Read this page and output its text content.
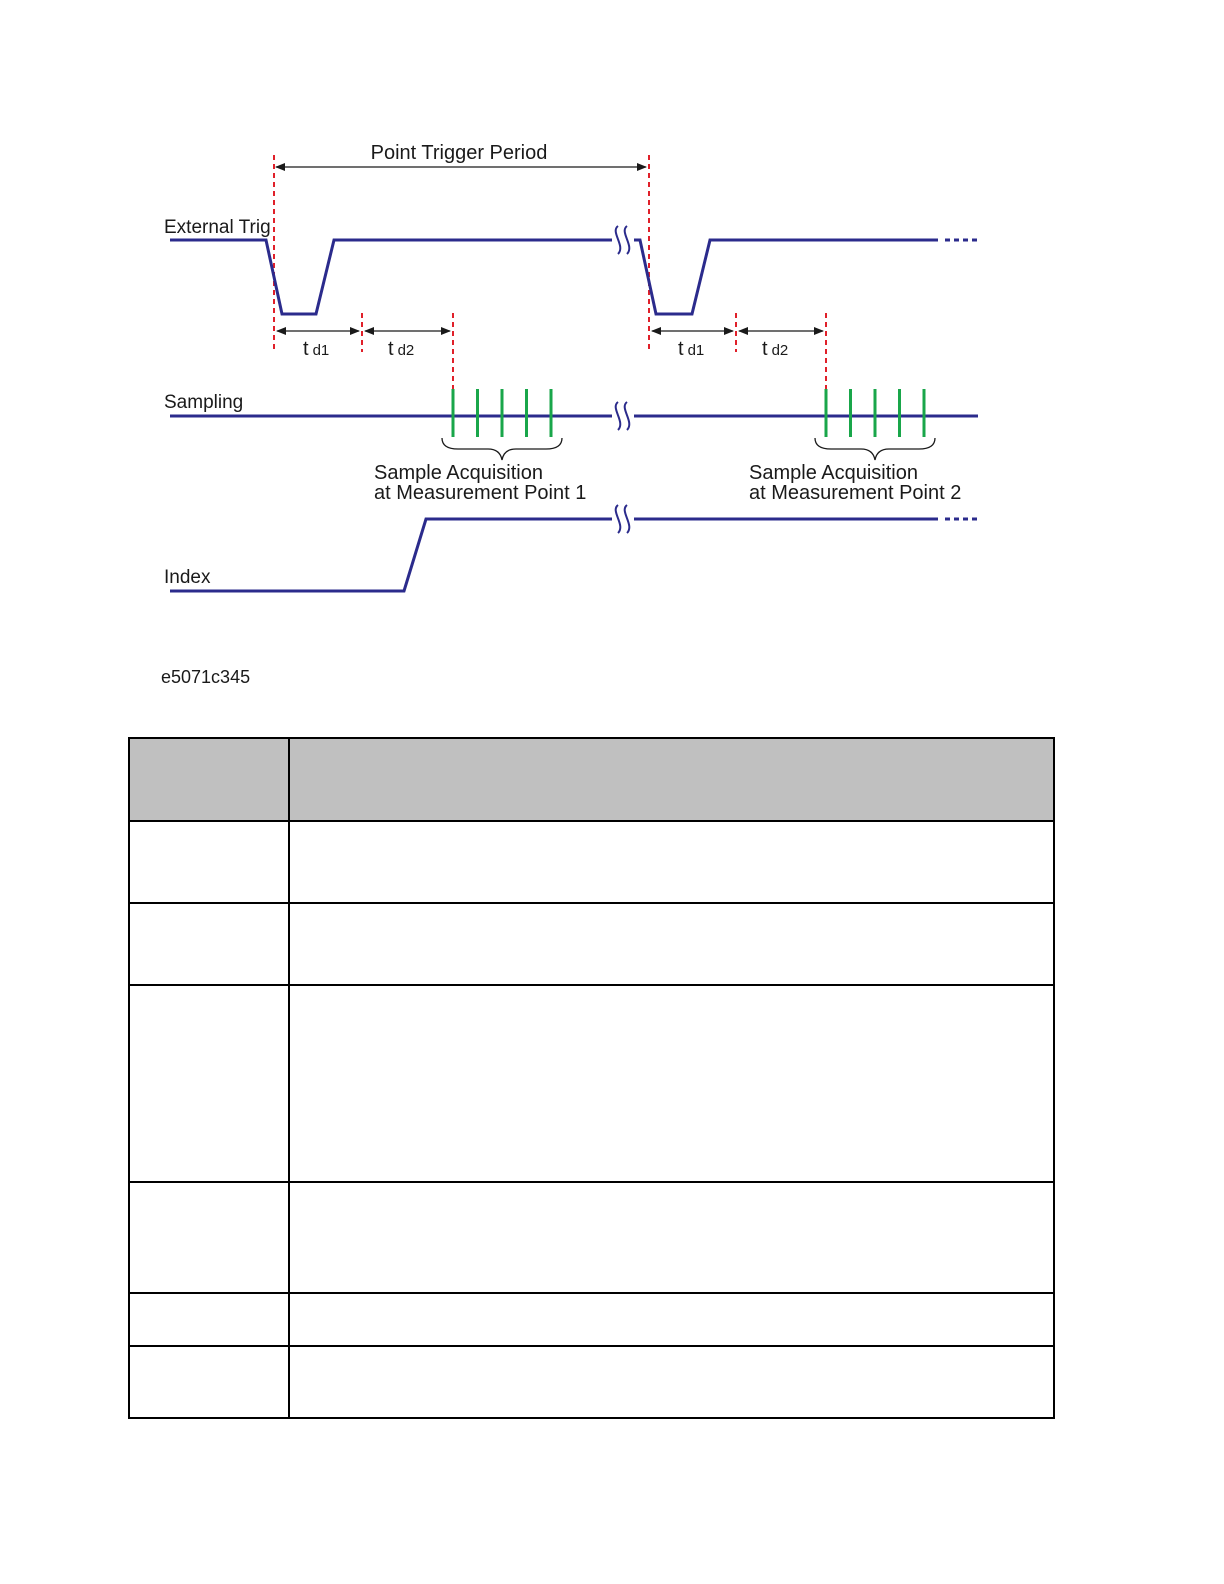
Point Trigger Period
External Trig
t d1	t d2	t d1	t d2
Sampling
Sample Acquisition at Measurement Point 1
Sample Acquisition at Measurement Point 2
Index
e5071c345
